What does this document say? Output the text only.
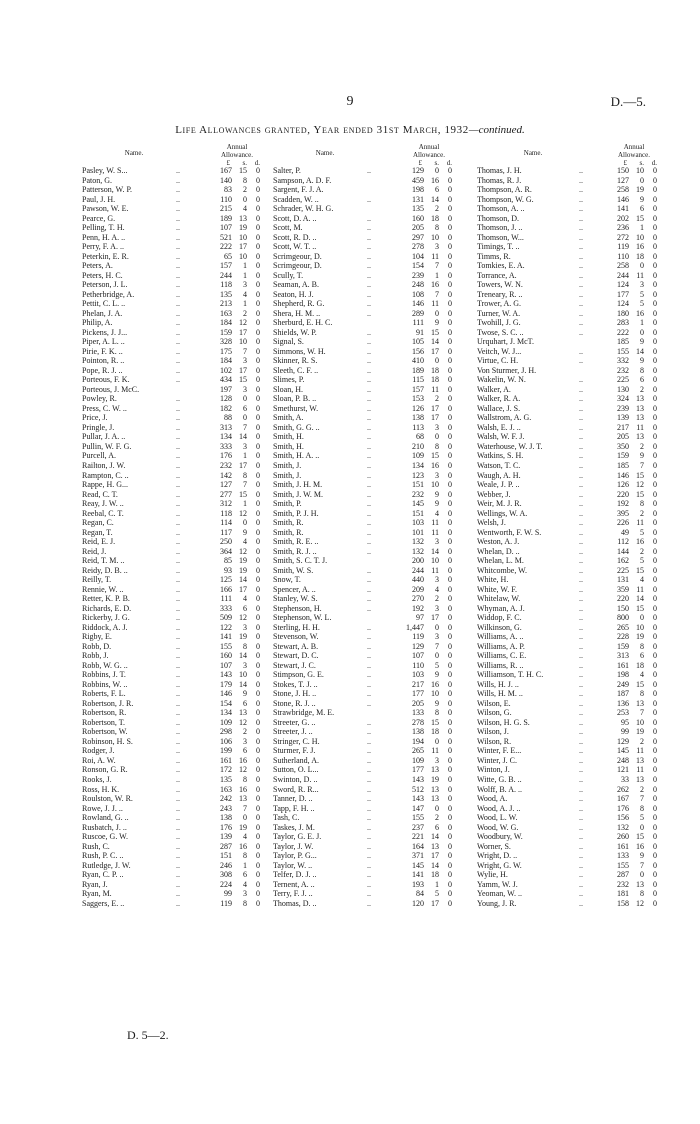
9	D.—5.
Life Allowances granted, Year ended 31st March, 1932—continued.
Name.
Annual
Allowance.
£	s.	d.
Pasley, W. S...	..	167 15	0
Paton, G.	..	140	8	0
Patterson, W. P.	..	83	2	0
Paul, J. H.	..	110	0	0
Pawson, W. E.	..	215	4	0
Pearce, G.	..	189 13	0
Pelling, T. H.	..	107 19	0
Penn, H. A. ..	..	521 10	0
Perry, F. A. ..	..	222 17	0
Peterkin, E. R.	..	65 10	0
Peters, A.	..	157	1	0
Peters, H. C.	..	244	1	0
Peterson, J. L.	..	118	3	0
Petherbridge, A.	..	135	4	0
Pettit, C. L. ..	..	213	1	0
Phelan, J. A.	..	163	2	0
Philip, A.	..	184 12	0
Pickens, J. J...	..	159 17	0
Piper, A. L. ..	..	328 10	0
Pirie, F. K. ..	..	175	7	0
Pointon, R. ..	..	184	3	0
Pope, R. J. ..	..	102 17	0
Porteous, F. K.	..	434 15	0
Porteous, J. McC.	197	3	0
Powley, R.	..	128	0	0
Press, C. W. ..	..	182	6	0
Price, J.	..	88	0	0
Pringle, J.	..	313	7	0
Pullar, J. A. ..	..	134 14	0
Pullin, W. F. G.	..	333	3	0
Purcell, A.	..	176	1	0
Railton, J. W.	..	232 17	0
Rampton, C. ..	..	142	8	0
Rappe, H. G...	..	127	7	0
Read, C. T.	..	277 15	0
Reay, J. W. ..	..	312	1	0
Reebal, C. T.	..	118 12	0
Regan, C.	..	114	0	0
Regan, T.	..	117	9	0
Reid, E. J.	..	250	4	0
Reid, J.	..	364 12	0
Reid, T. M. ..	..	85 19	0
Reidy, D. B. ..	..	93 19	0
Reilly, T.	..	125 14	0
Rennie, W. ..	..	166 17	0
Retter, K. P. B.	..	111	4	0
Richards, E. D.	..	333	6	0
Rickerby, J. G.	..	509 12	0
Riddock, A. J.	..	122	3	0
Rigby, E.	..	141 19	0
Robb, D.	..	155	8	0
Robb, J.	..	160 14	0
Robb, W. G. ..	..	107	3	0
Robbins, J. T.	..	143 10	0
Robbins, W. ..	..	179 14	0
Roberts, F. L.	..	146	9	0
Robertson, J. R.	..	154	6	0
Robertson, R.	..	134 13	0
Robertson, T.	..	109 12	0
Robertson, W.	..	298	2	0
Robinson, H. S.	..	106	3	0
Rodger, J.	..	199	6	0
Roi, A. W.	..	161 16	0
Ronson, G. R.	..	172 12	0
Rooks, J.	..	135	8	0
Ross, H. K.	..	163 16	0
Roulston, W. R.	..	242 13	0
Rowe, J. J. ..	..	243	7	0
Rowland, G. ..	..	138	0	0
Rusbatch, J. ..	..	176 19	0
Ruscoe, G. W.	..	139	4	0
Rush, C.	..	287 16	0
Rush, P. C. ..	..	151	8	0
Rutledge, J. W.	..	246	1	0
Ryan, C. P. ..	..	308	6	0
Ryan, J.	..	224	4	0
Ryan, M.	..	99	3	0
Saggers, E. ..	..	119	8	0
Name.
Annual
Allowance.
£	s.	d.
Salter, P.	..	129	0	0
Sampson, A. D. F.	459 16	0
Sargent, F. J. A.	198	6	0
Scadden, W. ..	..	131 14	0
Schrader, W. H. G.	135	2	0
Scott, D. A. ..	..	160 18	0
Scott, M.	..	205	8	0
Scott, R. D. ..	..	297 10	0
Scott, W. T. ..	..	278	3	0
Scrimgeour, D.	..	104 11	0
Scrimgeour, D.	..	154	7	0
Scully, T.	..	239	1	0
Seaman, A. B.	..	248 16	0
Seaton, H. J.	..	108	7	0
Shepherd, R. G.	..	146 11	0
Shera, H. M. ..	..	289	0	0
Sherburd, E. H. C.	111	9	0
Shields, W. P.	..	91 15	0
Signal, S.	..	105 14	0
Simmons, W. H.	..	156 17	0
Skinner, R. S.	..	410	0	0
Sleeth, C. F. ..	..	189 18	0
Slimes, P.	..	115 18	0
Sloan, H.	..	157 11	0
Sloan, P. B. ..	..	153	2	0
Smethurst, W.	..	126 17	0
Smith, A.	..	138 17	0
Smith, G. G. ..	..	113	3	0
Smith, H.	..	68	0	0
Smith, H.	..	210	8	0
Smith, H. A. ..	..	109 15	0
Smith, J.	..	134 16	0
Smith, J.	..	123	3	0
Smith, J. H. M.	..	151 10	0
Smith, J. W. M.	..	232	9	0
Smith, P.	..	145	9	0
Smith, P. J. H.	..	151	4	0
Smith, R.	..	103 11	0
Smith, R.	..	101 11	0
Smith, R. E. ..	..	132	3	0
Smith, R. J. ..	..	132 14	0
Smith, S. C. T. J.	200 10	0
Smith, W. S.	..	244 11	0
Snow, T.	..	440	3	0
Spencer, A. ..	..	209	4	0
Stanley, W. S.	..	270	2	0
Stephenson, H.	..	192	3	0
Stephenson, W. L.	97 17	0
Sterling, H. H.	..	1,447	0	0
Stevenson, W.	..	119	3	0
Stewart, A. B.	..	129	7	0
Stewart, D. C.	..	107	0	0
Stewart, J. C.	..	110	5	0
Stimpson, G. E.	..	103	9	0
Stokes, T. J. ..	..	217 16	0
Stone, J. H. ..	..	177 10	0
Stone, R. J. ..	..	205	9	0
Strawbridge, M. E.	133	8	0
Streeter, G. ..	..	278 15	0
Streeter, J. ..	..	138 18	0
Stringer, C. H.	..	194	0	0
Sturmer, F. J.	..	265 11	0
Sutherland, A.	..	109	3	0
Sutton, O. L...	..	177 13	0
Swinton, D. ..	..	143 19	0
Sword, R. R...	..	512 13	0
Tanner, D. ..	..	143 13	0
Tapp, F. H. ..	..	147	0	0
Tash, C.	..	155	2	0
Taskes, J. M.	..	237	6	0
Taylor, G. E. J.	..	221 14	0
Taylor, J. W.	..	164 13	0
Taylor, P. G...	..	371 17	0
Taylor, W. ..	..	145 14	0
Telfer, D. J. ..	..	141 18	0
Ternent, A. ..	..	193	1	0
Terry, F. J. ..	..	84	5	0
Thomas, D. ..	..	120 17	0
Name.
Annual
Allowance.
£	s.	d.
Thomas, J. H.	..	150 10	0
Thomas, R. J.	..	127	0	0
Thompson, A. R.	..	258 19	0
Thompson, W. G.	..	146	9	0
Thomson, A. ..	..	141	6	0
Thomson, D.	..	202 15	0
Thomson, J. ..	..	236	1	0
Thomson, W...	..	272 10	0
Timings, T. ..	..	119 16	0
Timms, R.	..	110 18	0
Tomkies, E. A.	..	258	0	0
Torrance, A.	..	244 11	0
Towers, W. N.	..	124	3	0
Treneary, R. ..	..	177	5	0
Trower, A. G.	..	124	5	0
Turner, W. A.	..	180 16	0
Twohill, J. G.	..	283	1	0
Twose, S. C. ..	..	222	0	0
Urquhart, J. McT.	185	9	0
Veitch, W. J...	..	155 14	0
Virtue, C. H.	..	332	9	0
Von Sturmer, J. H.	232	8	0
Wakelin, W. N.	..	225	6	0
Walker, A.	..	130	2	0
Walker, R. A.	..	324 13	0
Wallace, J. S.	..	239 13	0
Wallstrom, A. G.	..	139 13	0
Walsh, E. J. ..	..	217 11	0
Walsh, W. F. J.	..	205 13	0
Waterhouse, W. J. T.	..	350	2	0
Watkins, S. H.	..	159	9	0
Watson, T. C.	..	185	7	0
Waugh, A. H.	..	146 15	0
Weale, J. P. ..	..	126 12	0
Webber, J.	..	220 15	0
Weir, M. J. R.	..	192	8	0
Wellings, W. A.	..	395	2	0
Welsh, J.	..	226 11	0
Wentworth, F. W. S.	..	49	5	0
Weston, A. J.	..	112 16	0
Whelan, D. ..	..	144	2	0
Whelan, L. M.	..	162	5	0
Whitcombe, W.	..	225 15	0
White, H.	..	131	4	0
White, W. F.	..	359 11	0
Whitelaw, W.	..	220 14	0
Whyman, A. J.	..	150 15	0
Widdop, F. C.	..	800	0	0
Wilkinson, G.	..	265 10	0
Williams, A. ..	..	228 19	0
Williams, A. P.	..	159	8	0
Williams, C. E.	..	313	6	0
Williams, R. ..	..	161 18	0
Williamson, T. H. C.	..	198	4	0
Wills, H. J. ..	..	249 15	0
Wills, H. M. ..	..	187	8	0
Wilson, E.	..	136 13	0
Wilson, G.	..	253	7	0
Wilson, H. G. S.	..	95 10	0
Wilson, J.	..	99 19	0
Wilson, R.	..	129	2	0
Winter, F. E...	..	145 11	0
Winter, J. C.	..	248 13	0
Winton, J.	..	121 11	0
Witte, G. B. ..	..	33 13	0
Wolff, B. A. ..	..	262	2	0
Wood, A.	..	167	7	0
Wood, A. J. ..	..	176	8	0
Wood, L. W.	..	156	5	0
Wood, W. G.	..	132	0	0
Woodbury, W.	..	260 15	0
Worner, S.	..	161 16	0
Wright, D. ..	..	133	9	0
Wright, G. W.	..	155	7	0
Wylie, H.	..	287	0	0
Yamm, W. J.	..	232 13	0
Yeoman, W. ..	..	181	8	0
Young, J. R.	..	158 12	0
D. 5—2.
